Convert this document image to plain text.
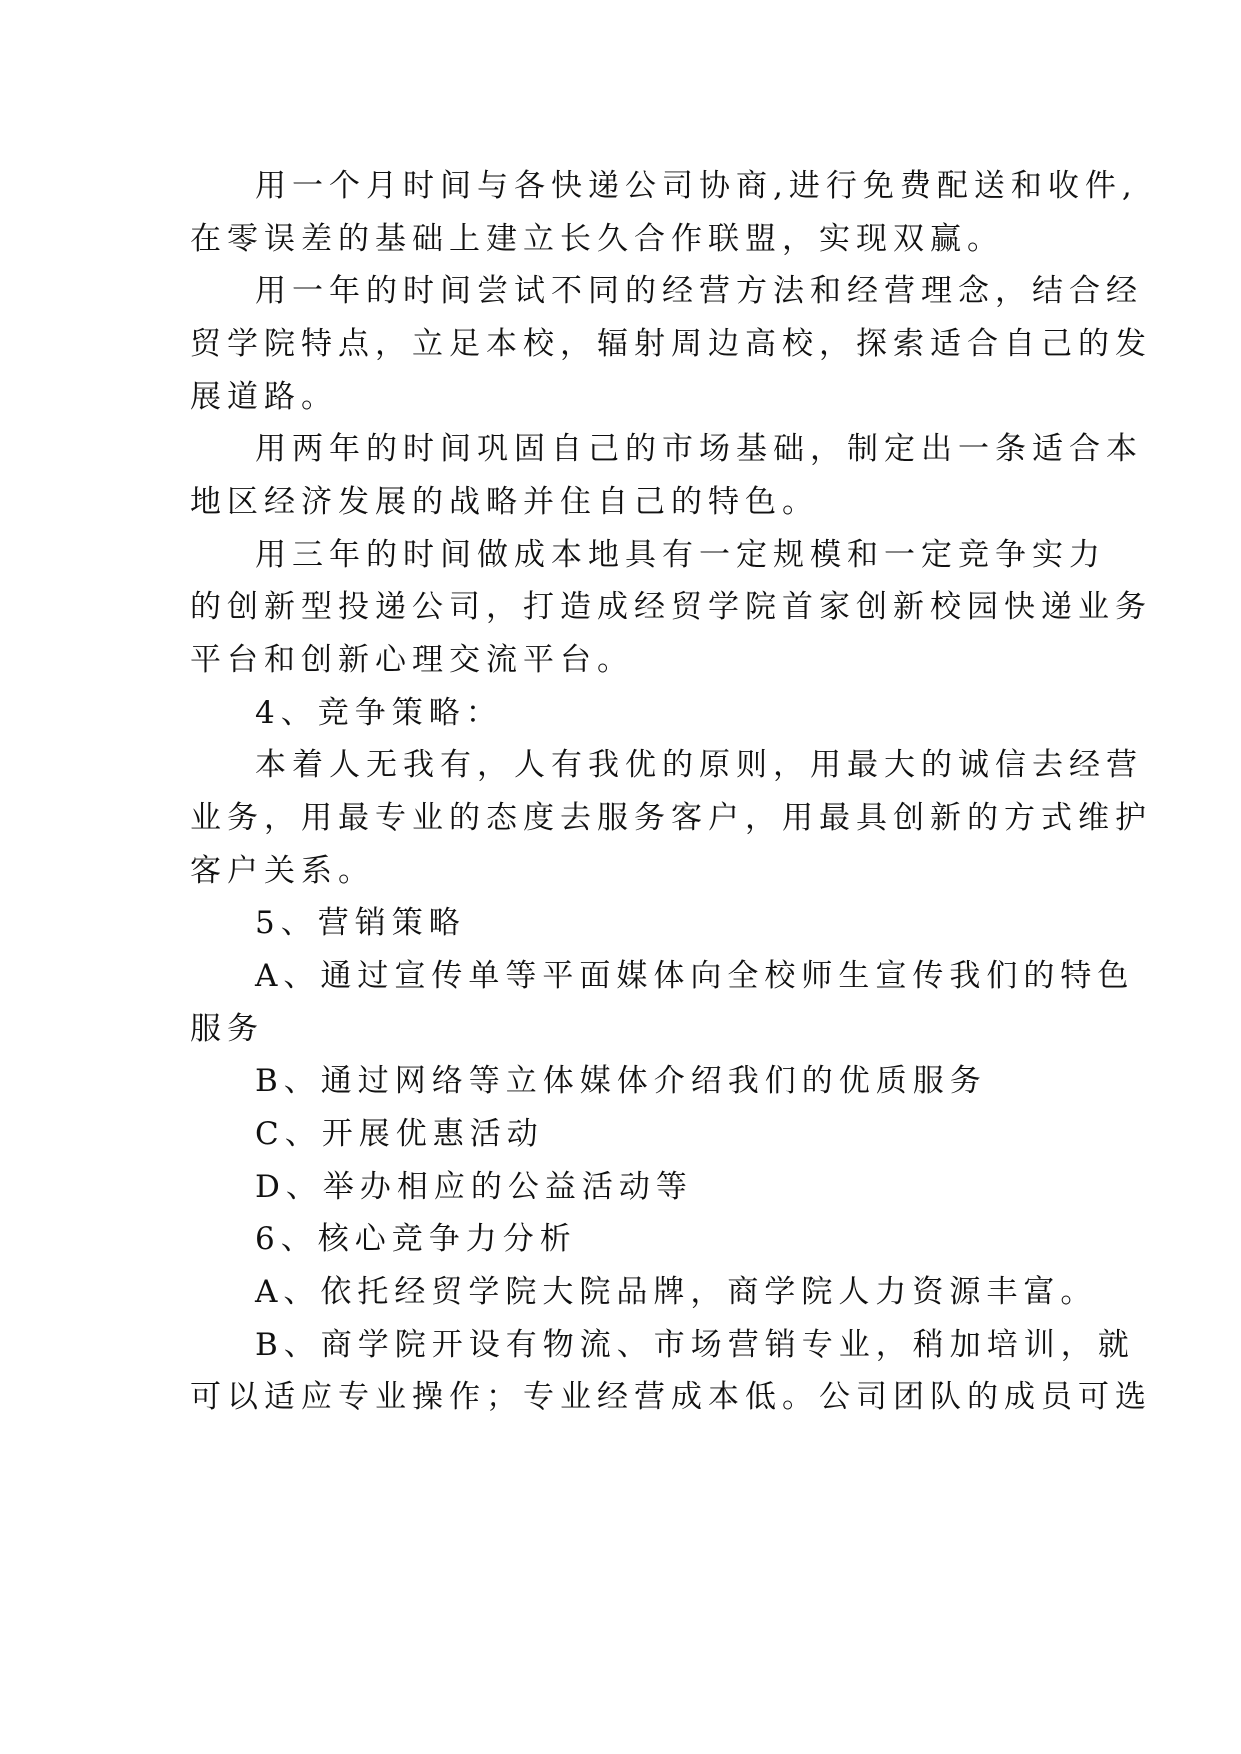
用一个月时间与各快递公司协商,进行免费配送和收件,
在零误差的基础上建立长久合作联盟，实现双赢。
用一年的时间尝试不同的经营方法和经营理念，结合经
贸学院特点，立足本校，辐射周边高校，探索适合自己的发
展道路。
用两年的时间巩固自己的市场基础，制定出一条适合本
地区经济发展的战略并住自己的特色。
用三年的时间做成本地具有一定规模和一定竞争实力
的创新型投递公司，打造成经贸学院首家创新校园快递业务
平台和创新心理交流平台。
4、竞争策略：
本着人无我有，人有我优的原则，用最大的诚信去经营
业务，用最专业的态度去服务客户，用最具创新的方式维护
客户关系。
5、营销策略
A、通过宣传单等平面媒体向全校师生宣传我们的特色
服务
B、通过网络等立体媒体介绍我们的优质服务
C、开展优惠活动
D、举办相应的公益活动等
6、核心竞争力分析
A、依托经贸学院大院品牌，商学院人力资源丰富。
B、商学院开设有物流、市场营销专业，稍加培训，就
可以适应专业操作；专业经营成本低。公司团队的成员可选
